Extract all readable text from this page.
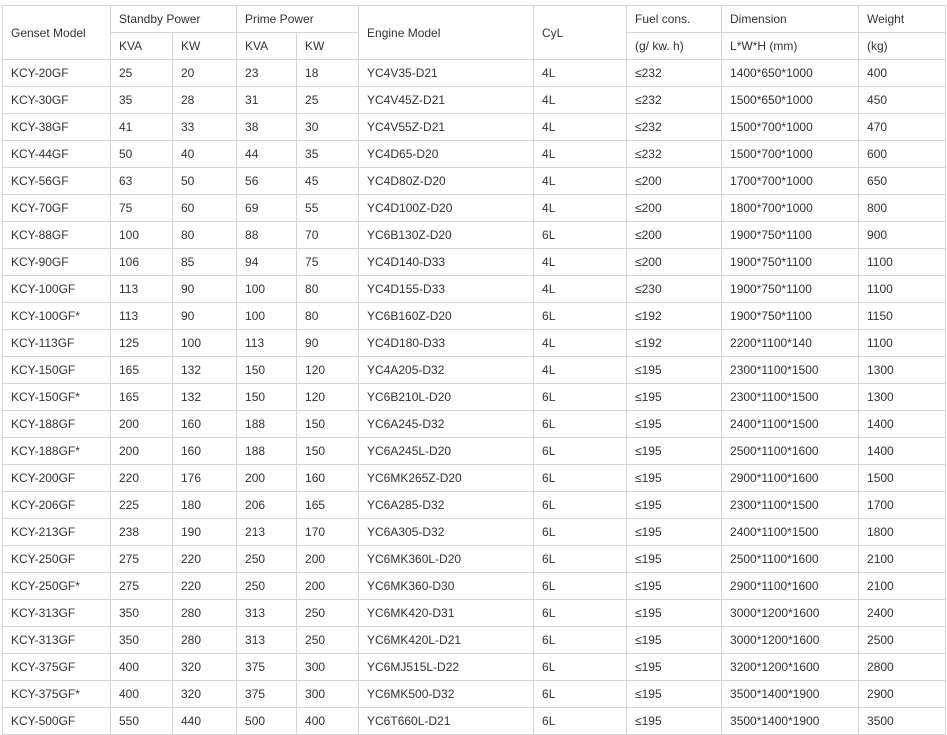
Genset Model	Standby Power		Prime Power		Engine Model	CyL	Fuel cons.	Dimension	Weight
	KVA	KW	KVA	KW			(g/ kw. h)	L*W*H (mm)	(kg)
KCY-20GF	25	20	23	18	YC4V35-D21	4L	≤232	1400*650*1000	400
KCY-30GF	35	28	31	25	YC4V45Z-D21	4L	≤232	1500*650*1000	450
KCY-38GF	41	33	38	30	YC4V55Z-D21	4L	≤232	1500*700*1000	470
KCY-44GF	50	40	44	35	YC4D65-D20	4L	≤232	1500*700*1000	600
KCY-56GF	63	50	56	45	YC4D80Z-D20	4L	≤200	1700*700*1000	650
KCY-70GF	75	60	69	55	YC4D100Z-D20	4L	≤200	1800*700*1000	800
KCY-88GF	100	80	88	70	YC6B130Z-D20	6L	≤200	1900*750*1100	900
KCY-90GF	106	85	94	75	YC4D140-D33	4L	≤200	1900*750*1100	1100
KCY-100GF	113	90	100	80	YC4D155-D33	4L	≤230	1900*750*1100	1100
KCY-100GF*	113	90	100	80	YC6B160Z-D20	6L	≤192	1900*750*1100	1150
KCY-113GF	125	100	113	90	YC4D180-D33	4L	≤192	2200*1100*140	1100
KCY-150GF	165	132	150	120	YC4A205-D32	4L	≤195	2300*1100*1500	1300
KCY-150GF*	165	132	150	120	YC6B210L-D20	6L	≤195	2300*1100*1500	1300
KCY-188GF	200	160	188	150	YC6A245-D32	6L	≤195	2400*1100*1500	1400
KCY-188GF*	200	160	188	150	YC6A245L-D20	6L	≤195	2500*1100*1600	1400
KCY-200GF	220	176	200	160	YC6MK265Z-D20	6L	≤195	2900*1100*1600	1500
KCY-206GF	225	180	206	165	YC6A285-D32	6L	≤195	2300*1100*1500	1700
KCY-213GF	238	190	213	170	YC6A305-D32	6L	≤195	2400*1100*1500	1800
KCY-250GF	275	220	250	200	YC6MK360L-D20	6L	≤195	2500*1100*1600	2100
KCY-250GF*	275	220	250	200	YC6MK360-D30	6L	≤195	2900*1100*1600	2100
KCY-313GF	350	280	313	250	YC6MK420-D31	6L	≤195	3000*1200*1600	2400
KCY-313GF	350	280	313	250	YC6MK420L-D21	6L	≤195	3000*1200*1600	2500
KCY-375GF	400	320	375	300	YC6MJ515L-D22	6L	≤195	3200*1200*1600	2800
KCY-375GF*	400	320	375	300	YC6MK500-D32	6L	≤195	3500*1400*1900	2900
KCY-500GF	550	440	500	400	YC6T660L-D21	6L	≤195	3500*1400*1900	3500
